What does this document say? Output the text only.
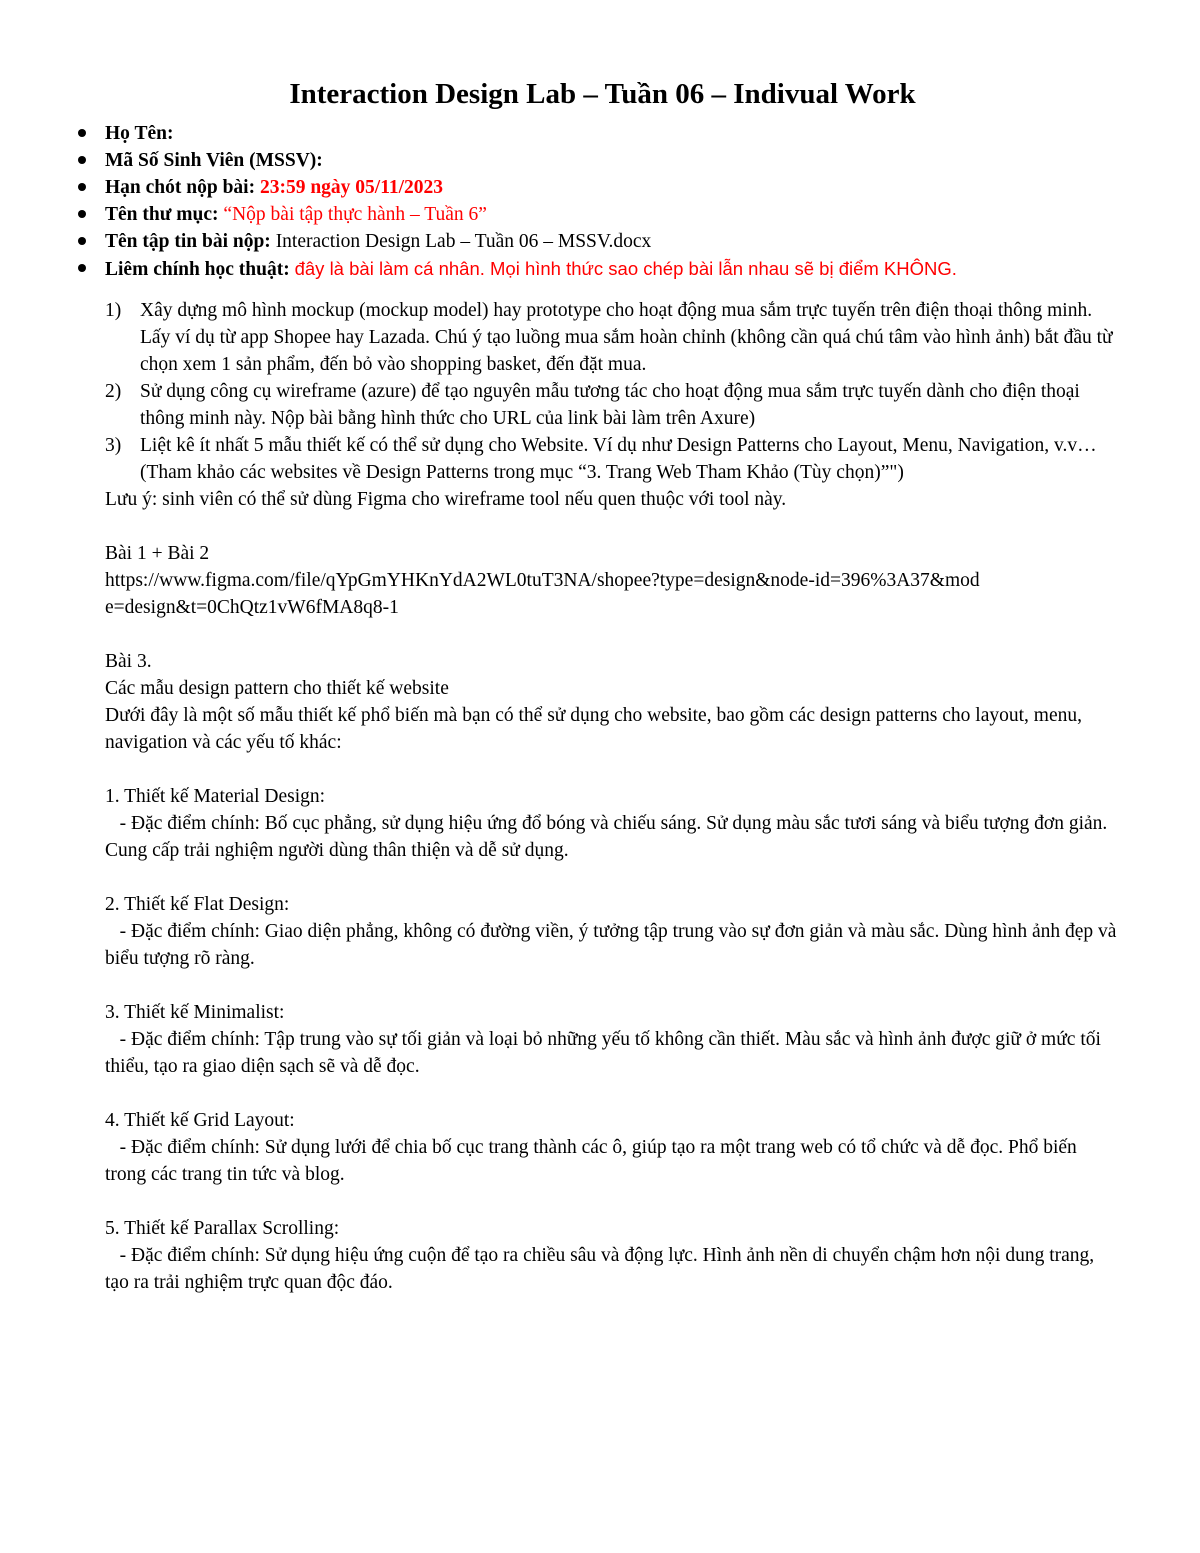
Interaction Design Lab – Tuần 06 – Indivual Work
Họ Tên:
Mã Số Sinh Viên (MSSV):
Hạn chót nộp bài: 23:59 ngày 05/11/2023
Tên thư mục: “Nộp bài tập thực hành – Tuần 6”
Tên tập tin bài nộp: Interaction Design Lab – Tuần 06 – MSSV.docx
Liêm chính học thuật: đây là bài làm cá nhân. Mọi hình thức sao chép bài lẫn nhau sẽ bị điểm KHÔNG.
1) Xây dựng mô hình mockup (mockup model) hay prototype cho hoạt động mua sắm trực tuyến trên điện thoại thông minh. Lấy ví dụ từ app Shopee hay Lazada. Chú ý tạo luồng mua sắm hoàn chỉnh (không cần quá chú tâm vào hình ảnh) bắt đầu từ chọn xem 1 sản phẩm, đến bỏ vào shopping basket, đến đặt mua.
2) Sử dụng công cụ wireframe (azure) để tạo nguyên mẫu tương tác cho hoạt động mua sắm trực tuyến dành cho điện thoại thông minh này. Nộp bài bằng hình thức cho URL của link bài làm trên Axure)
3) Liệt kê ít nhất 5 mẫu thiết kế có thể sử dụng cho Website. Ví dụ như Design Patterns cho Layout, Menu, Navigation, v.v… (Tham khảo các websites về Design Patterns trong mục “3. Trang Web Tham Khảo (Tùy chọn)”")

Lưu ý: sinh viên có thể sử dùng Figma cho wireframe tool nếu quen thuộc với tool này.

Bài 1 + Bài 2

https://www.figma.com/file/qYpGmYHKnYdA2WL0tuT3NA/shopee?type=design&node-id=396%3A37&mode=design&t=0ChQtz1vW6fMA8q8-1

Bài 3.

Các mẫu design pattern cho thiết kế website

Dưới đây là một số mẫu thiết kế phổ biến mà bạn có thể sử dụng cho website, bao gồm các design patterns cho layout, menu, navigation và các yếu tố khác:

1. Thiết kế Material Design:

- Đặc điểm chính: Bố cục phẳng, sử dụng hiệu ứng đổ bóng và chiếu sáng. Sử dụng màu sắc tươi sáng và biểu tượng đơn giản. Cung cấp trải nghiệm người dùng thân thiện và dễ sử dụng.

2. Thiết kế Flat Design:

- Đặc điểm chính: Giao diện phẳng, không có đường viền, ý tưởng tập trung vào sự đơn giản và màu sắc. Dùng hình ảnh đẹp và biểu tượng rõ ràng.

3. Thiết kế Minimalist:

- Đặc điểm chính: Tập trung vào sự tối giản và loại bỏ những yếu tố không cần thiết. Màu sắc và hình ảnh được giữ ở mức tối thiểu, tạo ra giao diện sạch sẽ và dễ đọc.

4. Thiết kế Grid Layout:

- Đặc điểm chính: Sử dụng lưới để chia bố cục trang thành các ô, giúp tạo ra một trang web có tổ chức và dễ đọc. Phổ biến trong các trang tin tức và blog.

5. Thiết kế Parallax Scrolling:

- Đặc điểm chính: Sử dụng hiệu ứng cuộn để tạo ra chiều sâu và động lực. Hình ảnh nền di chuyển chậm hơn nội dung trang, tạo ra trải nghiệm trực quan độc đáo.
